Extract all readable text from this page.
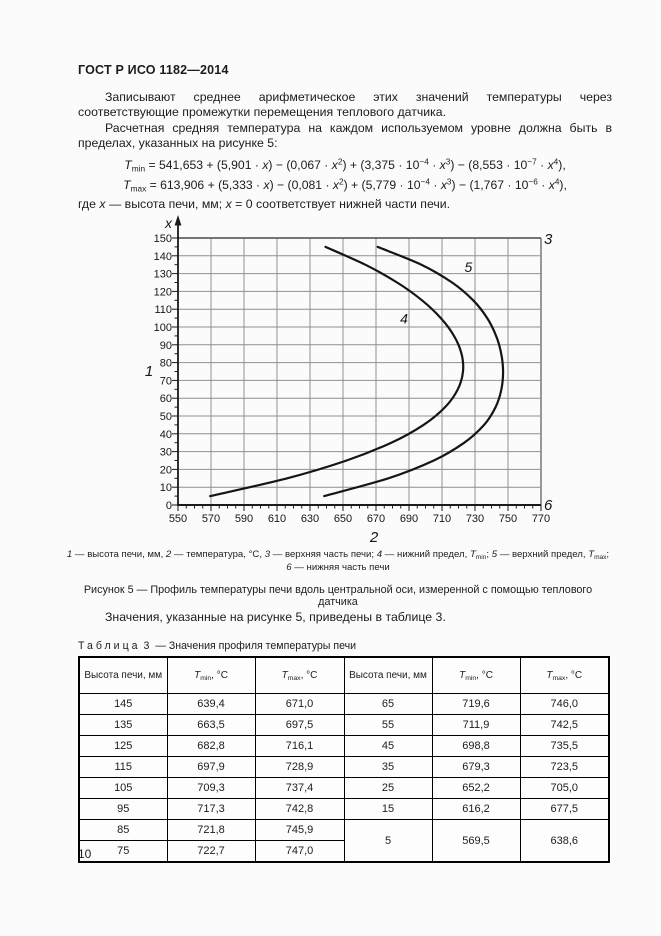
ГОСТ Р ИСО 1182—2014

Записывают среднее арифметическое этих значений температуры через соответствующие промежутки перемещения теплового датчика.

Расчетная средняя температура на каждом используемом уровне должна быть в пределах, указанных на рисунке 5:

$T_{min} = 541,653 + (5,901 \cdot x) - (0,067 \cdot x^2) + (3,375 \cdot 10^{-4} \cdot x^3) - (8,553 \cdot 10^{-7} \cdot x^4)$,
$T_{max} = 613,906 + (5,333 \cdot x) - (0,081 \cdot x^2) + (5,779 \cdot 10^{-4} \cdot x^3) - (1,767 \cdot 10^{-6} \cdot x^4)$,

где x — высота печи, мм; x = 0 соответствует нижней части печи.

550 570 590 610 630 650 670 690 710 730 750 770
0
10
20
30
40
50
60
70
80
90
100
110
120
130
140
150
4
5
x
1
2
3
6
1 — высота печи, мм, 2 — температура, °С, 3 — верхняя часть печи; 4 — нижний предел, $T_{min}$; 5 — верхний предел, $T_{max}$;
6 — нижняя часть печи
Рисунок 5 — Профиль температуры печи вдоль центральной оси, измеренной с помощью теплового датчика

Значения, указанные на рисунке 5, приведены в таблице 3.

Таблица 3 — Значения профиля температуры печи
Высота печи, мм	$T_{min}$, °С	$T_{max}$, °С	Высота печи, мм	$T_{min}$, °С	$T_{max}$, °С
145	639,4	671,0	65	719,6	746,0
135	663,5	697,5	55	711,9	742,5
125	682,8	716,1	45	698,8	735,5
115	697,9	728,9	35	679,3	723,5
105	709,3	737,4	25	652,2	705,0
95	717,3	742,8	15	616,2	677,5
85	721,8	745,9	5	569,5	638,6
75	722,7	747,0			
10
